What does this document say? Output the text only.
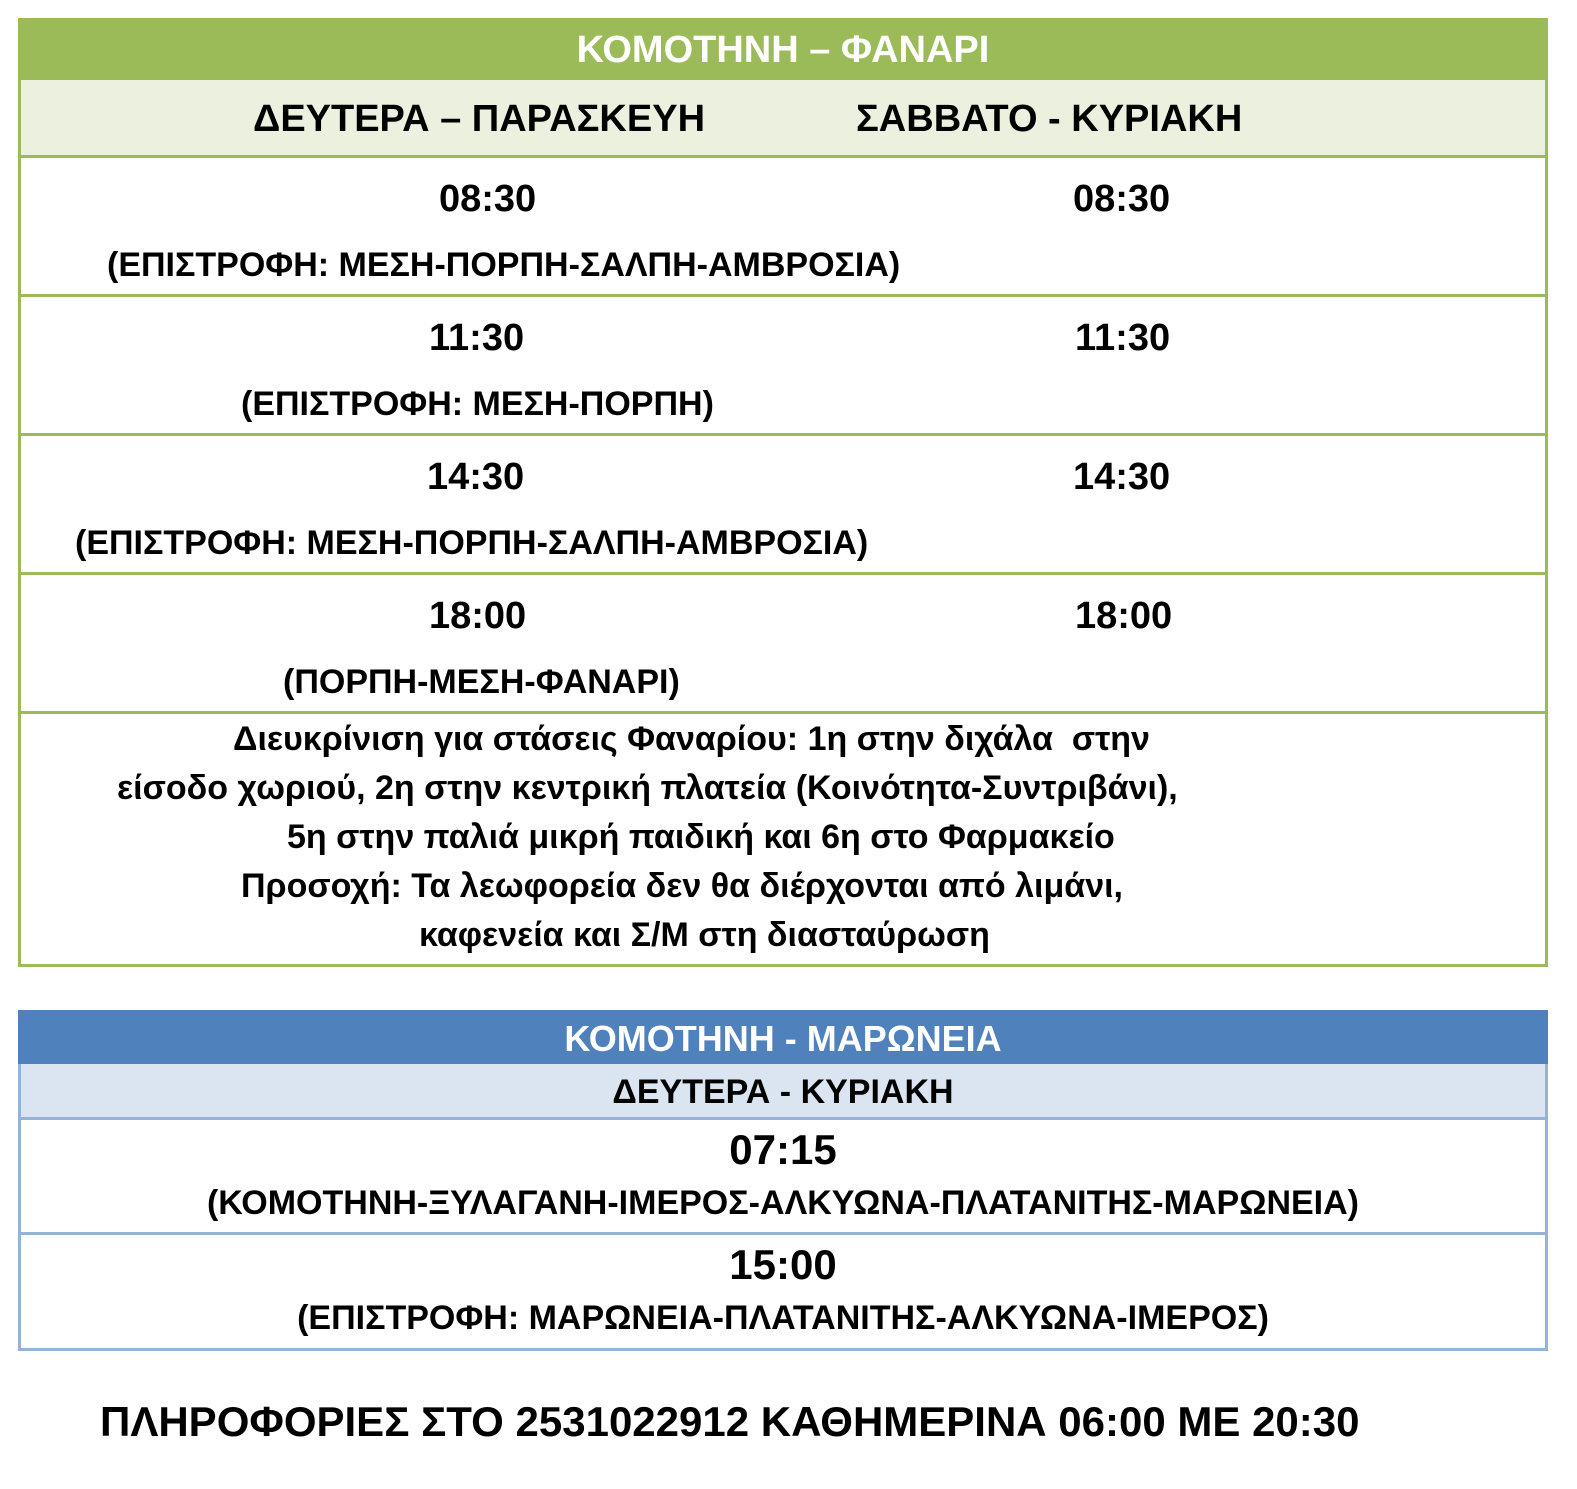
ΚΟΜΟΤΗΝΗ – ΦΑΝΑΡΙ
ΔΕΥΤΕΡΑ – ΠΑΡΑΣΚΕΥΗ	ΣΑΒΒΑΤΟ - ΚΥΡΙΑΚΗ
08:30	08:30
(ΕΠΙΣΤΡΟΦΗ: ΜΕΣΗ-ΠΟΡΠΗ-ΣΑΛΠΗ-ΑΜΒΡΟΣΙΑ)
11:30	11:30
(ΕΠΙΣΤΡΟΦΗ: ΜΕΣΗ-ΠΟΡΠΗ)
14:30	14:30
(ΕΠΙΣΤΡΟΦΗ: ΜΕΣΗ-ΠΟΡΠΗ-ΣΑΛΠΗ-ΑΜΒΡΟΣΙΑ)
18:00	18:00
(ΠΟΡΠΗ-ΜΕΣΗ-ΦΑΝΑΡΙ)
Διευκρίνιση για στάσεις Φαναρίου: 1η στην διχάλα  στην
είσοδο χωριού, 2η στην κεντρική πλατεία (Κοινότητα-Συντριβάνι),
5η στην παλιά μικρή παιδική και 6η στο Φαρμακείο
Προσοχή: Τα λεωφορεία δεν θα διέρχονται από λιμάνι,
καφενεία και Σ/Μ στη διασταύρωση
ΚΟΜΟΤΗΝΗ - ΜΑΡΩΝΕΙΑ
ΔΕΥΤΕΡΑ - ΚΥΡΙΑΚΗ
07:15
(ΚΟΜΟΤΗΝΗ-ΞΥΛΑΓΑΝΗ-ΙΜΕΡΟΣ-ΑΛΚΥΩΝΑ-ΠΛΑΤΑΝΙΤΗΣ-ΜΑΡΩΝΕΙΑ)
15:00
(ΕΠΙΣΤΡΟΦΗ: ΜΑΡΩΝΕΙΑ-ΠΛΑΤΑΝΙΤΗΣ-ΑΛΚΥΩΝΑ-ΙΜΕΡΟΣ)
ΠΛΗΡΟΦΟΡΙΕΣ ΣΤΟ 2531022912 ΚΑΘΗΜΕΡΙΝΑ 06:00 ΜΕ 20:30
